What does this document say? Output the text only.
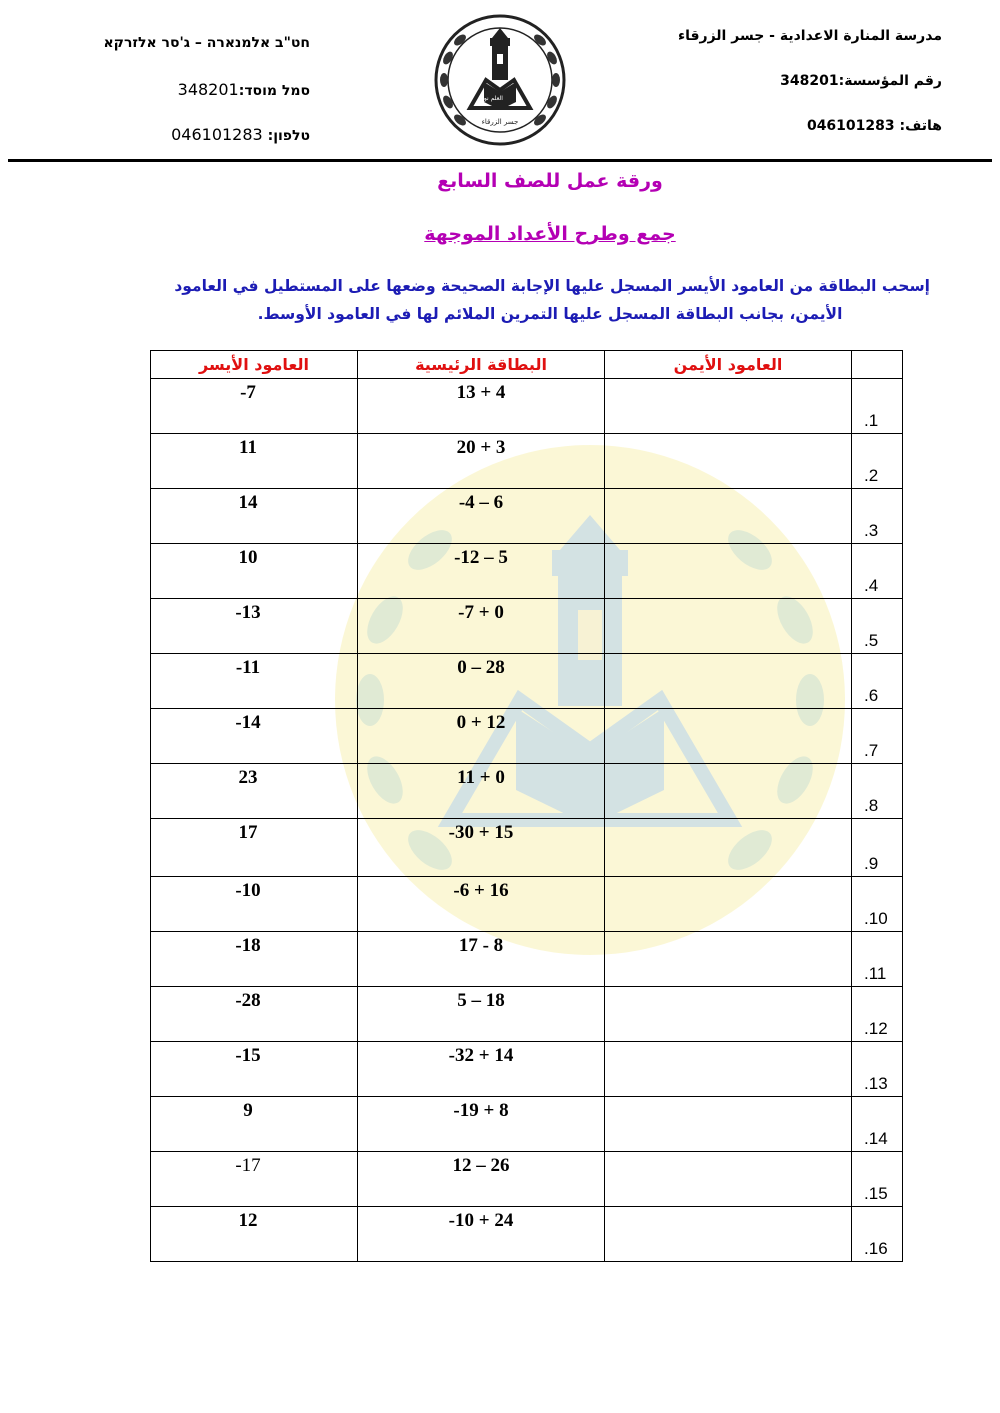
مدرسة المنارة الاعدادية - جسر الزرقاء
رقم المؤسسة:348201
هاتف: 046101283
חט"ב אלמנארה – ג'סר אלזרקא
סמל מוסד:348201
טלפון: 046101283
العلم نور
جسر الزرقاء
ورقة عمل للصف السابع
جمع وطرح الأعداد الموجهة
إسحب البطاقة من العامود الأيسر المسجل عليها الإجابة الصحيحة وضعها على المستطيل في العامود
الأيمن، بجانب البطاقة المسجل عليها التمرين الملائم لها في العامود الأوسط.
	العامود الأيمن	البطاقة الرئيسية	العامود الأيسر
1.		13 + 4	-7
2.		20 + 3	11
3.		-4 – 6	14
4.		-12 – 5	10
5.		-7 + 0	-13
6.		0 – 28	-11
7.		0 + 12	-14
8.		11 + 0	23
9.		-30 + 15	17
10.		-6 + 16	-10
11.		17 - 8	-18
12.		5 – 18	-28
13.		-32 + 14	-15
14.		-19 + 8	9
15.		12 – 26	-17
16.		-10 + 24	12
